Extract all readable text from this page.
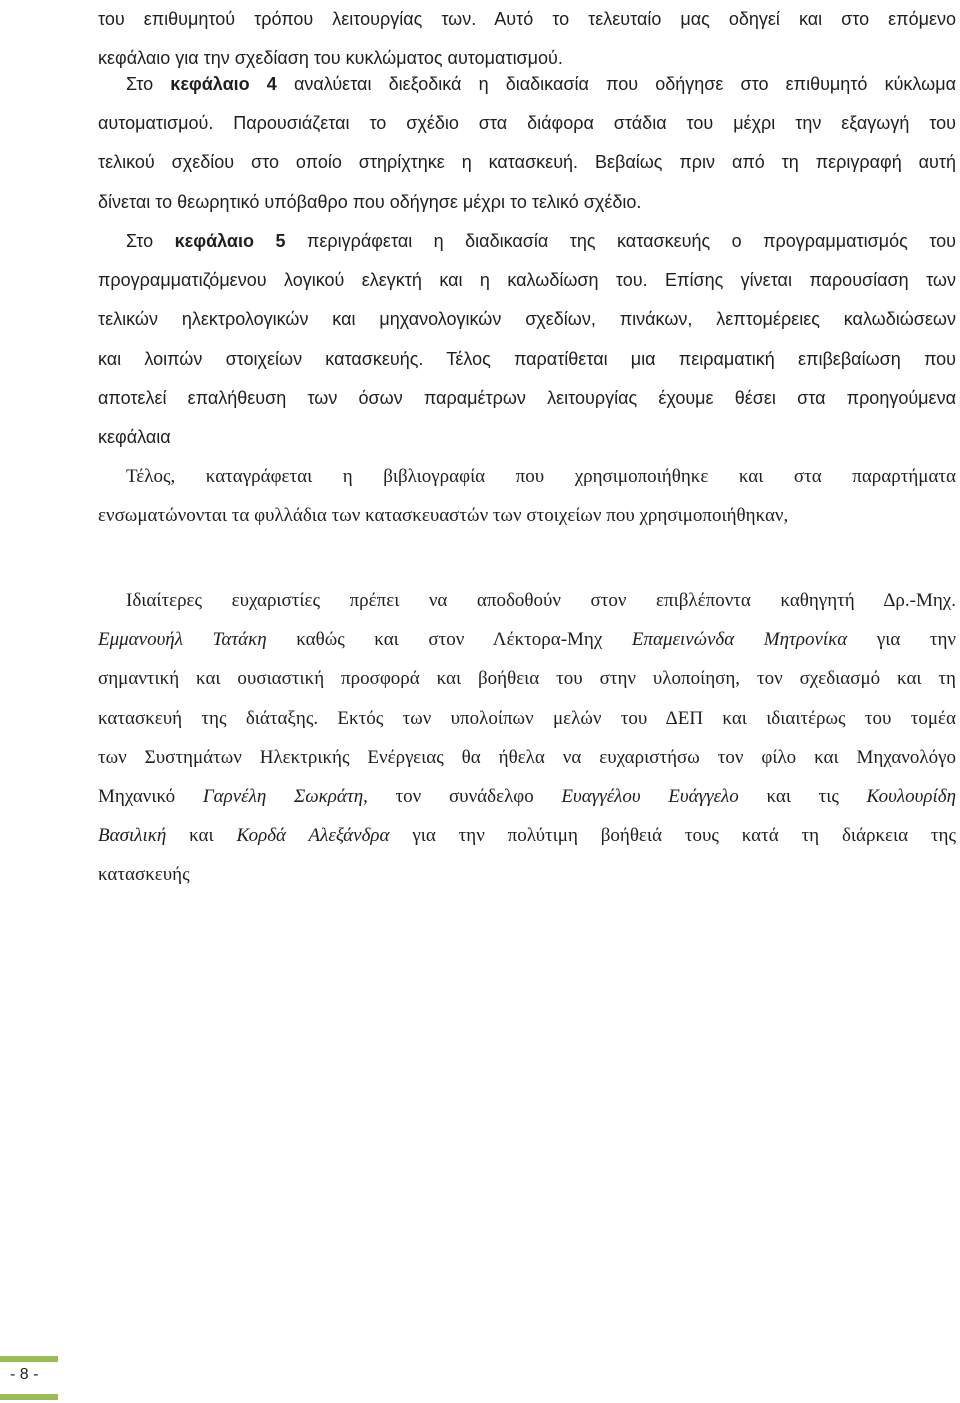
του επιθυμητού τρόπου λειτουργίας των. Αυτό το τελευταίο μας οδηγεί και στο επόμενο
κεφάλαιο για την σχεδίαση του κυκλώματος αυτοματισμού.
Στο κεφάλαιο 4 αναλύεται διεξοδικά η διαδικασία που οδήγησε στο επιθυμητό κύκλωμα
αυτοματισμού. Παρουσιάζεται το σχέδιο στα διάφορα στάδια του μέχρι την εξαγωγή του
τελικού σχεδίου στο οποίο στηρίχτηκε η κατασκευή. Βεβαίως πριν από τη περιγραφή αυτή
δίνεται το θεωρητικό υπόβαθρο που οδήγησε μέχρι το τελικό σχέδιο.
Στο κεφάλαιο 5 περιγράφεται η διαδικασία της κατασκευής ο προγραμματισμός του
προγραμματιζόμενου λογικού ελεγκτή και η καλωδίωση του. Επίσης γίνεται παρουσίαση των
τελικών ηλεκτρολογικών και μηχανολογικών σχεδίων, πινάκων, λεπτομέρειες καλωδιώσεων
και λοιπών στοιχείων κατασκευής. Τέλος παρατίθεται μια πειραματική επιβεβαίωση που
αποτελεί επαλήθευση των όσων παραμέτρων λειτουργίας έχουμε θέσει στα προηγούμενα
κεφάλαια
Τέλος, καταγράφεται η βιβλιογραφία που χρησιμοποιήθηκε και στα παραρτήματα
ενσωματώνονται τα φυλλάδια των κατασκευαστών των στοιχείων που χρησιμοποιήθηκαν,
Ιδιαίτερες ευχαριστίες πρέπει να αποδοθούν στον επιβλέποντα καθηγητή Δρ.-Μηχ.
Εμμανουήλ Τατάκη καθώς και στον Λέκτορα-Μηχ Επαμεινώνδα Μητρονίκα για την
σημαντική και ουσιαστική προσφορά και βοήθεια του στην υλοποίηση, τον σχεδιασμό και τη
κατασκευή της διάταξης. Εκτός των υπολοίπων μελών του ΔΕΠ και ιδιαιτέρως του τομέα
των Συστημάτων Ηλεκτρικής Ενέργειας θα ήθελα να ευχαριστήσω τον φίλο και Μηχανολόγο
Μηχανικό Γαρνέλη Σωκράτη, τον συνάδελφο Ευαγγέλου Ευάγγελο και τις Κουλουρίδη
Βασιλική και Κορδά Αλεξάνδρα για την πολύτιμη βοήθειά τους κατά τη διάρκεια της
κατασκευής
- 8 -
